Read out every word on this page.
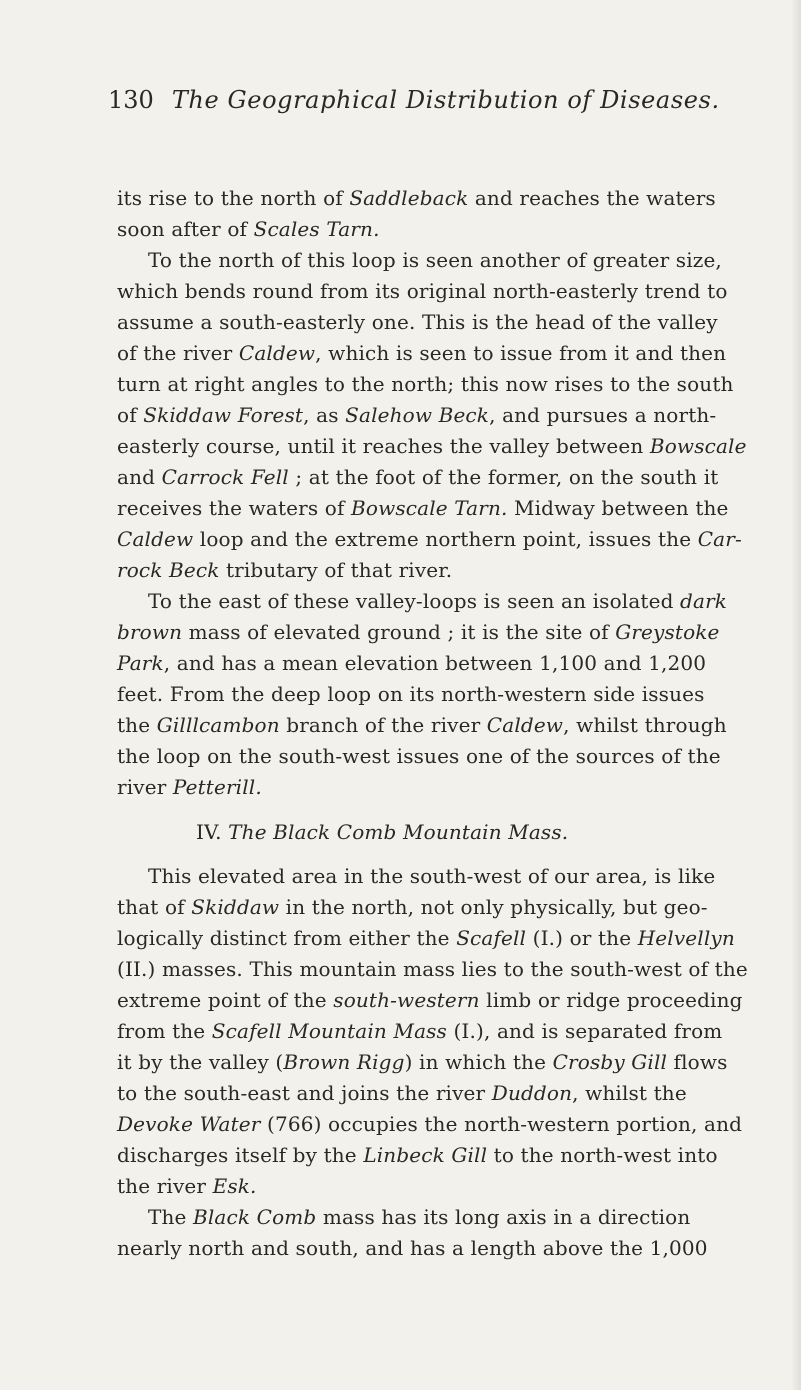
130 The Geographical Distribution of Diseases.
its rise to the north of Saddleback and reaches the waters
soon after of Scales Tarn.
To the north of this loop is seen another of greater size,
which bends round from its original north-easterly trend to
assume a south-easterly one. This is the head of the valley
of the river Caldew, which is seen to issue from it and then
turn at right angles to the north; this now rises to the south
of Skiddaw Forest, as Salehow Beck, and pursues a north-
easterly course, until it reaches the valley between Bowscale
and Carrock Fell ; at the foot of the former, on the south it
receives the waters of Bowscale Tarn. Midway between the
Caldew loop and the extreme northern point, issues the Car-
rock Beck tributary of that river.
To the east of these valley-loops is seen an isolated dark
brown mass of elevated ground ; it is the site of Greystoke
Park, and has a mean elevation between 1,100 and 1,200
feet. From the deep loop on its north-western side issues
the Gilllcambon branch of the river Caldew, whilst through
the loop on the south-west issues one of the sources of the
river Petterill.
IV. The Black Comb Mountain Mass.
This elevated area in the south-west of our area, is like
that of Skiddaw in the north, not only physically, but geo-
logically distinct from either the Scafell (I.) or the Helvellyn
(II.) masses. This mountain mass lies to the south-west of the
extreme point of the south-western limb or ridge proceeding
from the Scafell Mountain Mass (I.), and is separated from
it by the valley (Brown Rigg) in which the Crosby Gill flows
to the south-east and joins the river Duddon, whilst the
Devoke Water (766) occupies the north-western portion, and
discharges itself by the Linbeck Gill to the north-west into
the river Esk.
The Black Comb mass has its long axis in a direction
nearly north and south, and has a length above the 1,000
